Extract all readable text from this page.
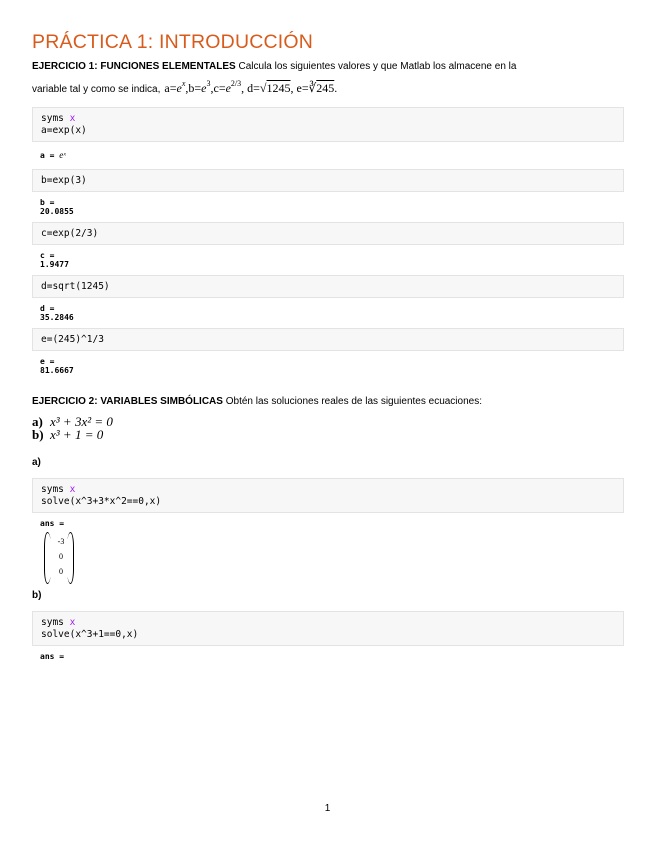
PRÁCTICA 1: INTRODUCCIÓN
EJERCICIO 1: FUNCIONES ELEMENTALES Calcula los siguientes valores y que Matlab los almacene en la
variable tal y como se indica, $a=e^x$ , $b=e^3$ , $c=e^{2/3}$ , d=√1245 , e=∛245 .
syms x
a=exp(x)
a = eˣ
b=exp(3)
b =
20.0855
c=exp(2/3)
c =
1.9477
d=sqrt(1245)
d =
35.2846
e=(245)^1/3
e =
81.6667
EJERCICIO 2: VARIABLES SIMBÓLICAS Obtén las soluciones reales de las siguientes ecuaciones:
a) x³ + 3x² = 0
b) x³ + 1 = 0
a)
syms x
solve(x^3+3*x^2==0,x)
ans =
-3
0
0
b)
syms x
solve(x^3+1==0,x)
ans =
1
